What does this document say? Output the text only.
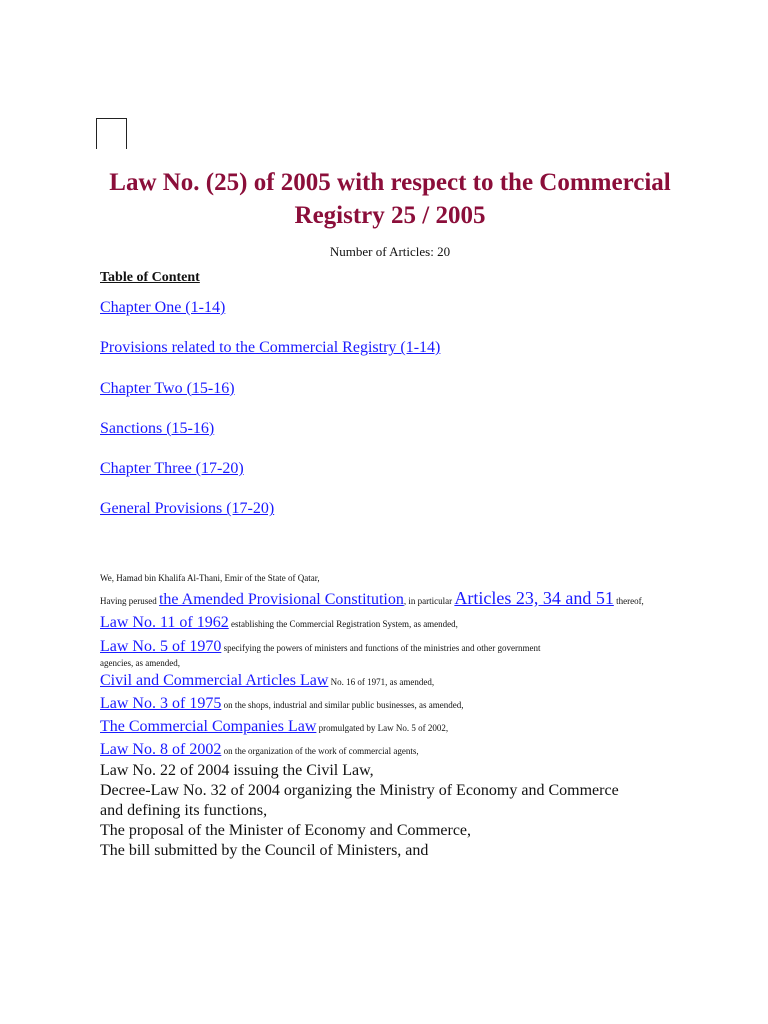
Law No. (25) of 2005 with respect to the Commercial Registry 25 / 2005
Number of Articles: 20
Table of Content
Chapter One (1-14)
Provisions related to the Commercial Registry (1-14)
Chapter Two (15-16)
Sanctions (15-16)
Chapter Three (17-20)
General Provisions (17-20)
We, Hamad bin Khalifa Al-Thani, Emir of the State of Qatar,
Having perused the Amended Provisional Constitution, in particular Articles 23, 34 and 51 thereof,
Law No. 11 of 1962 establishing the Commercial Registration System, as amended,
Law No. 5 of 1970 specifying the powers of ministers and functions of the ministries and other government agencies, as amended,
Civil and Commercial Articles Law No. 16 of 1971, as amended,
Law No. 3 of 1975 on the shops, industrial and similar public businesses, as amended,
The Commercial Companies Law promulgated by Law No. 5 of 2002,
Law No. 8 of 2002 on the organization of the work of commercial agents,
Law No. 22 of 2004 issuing the Civil Law,
Decree-Law No. 32 of 2004 organizing the Ministry of Economy and Commerce and defining its functions,
The proposal of the Minister of Economy and Commerce,
The bill submitted by the Council of Ministers, and
